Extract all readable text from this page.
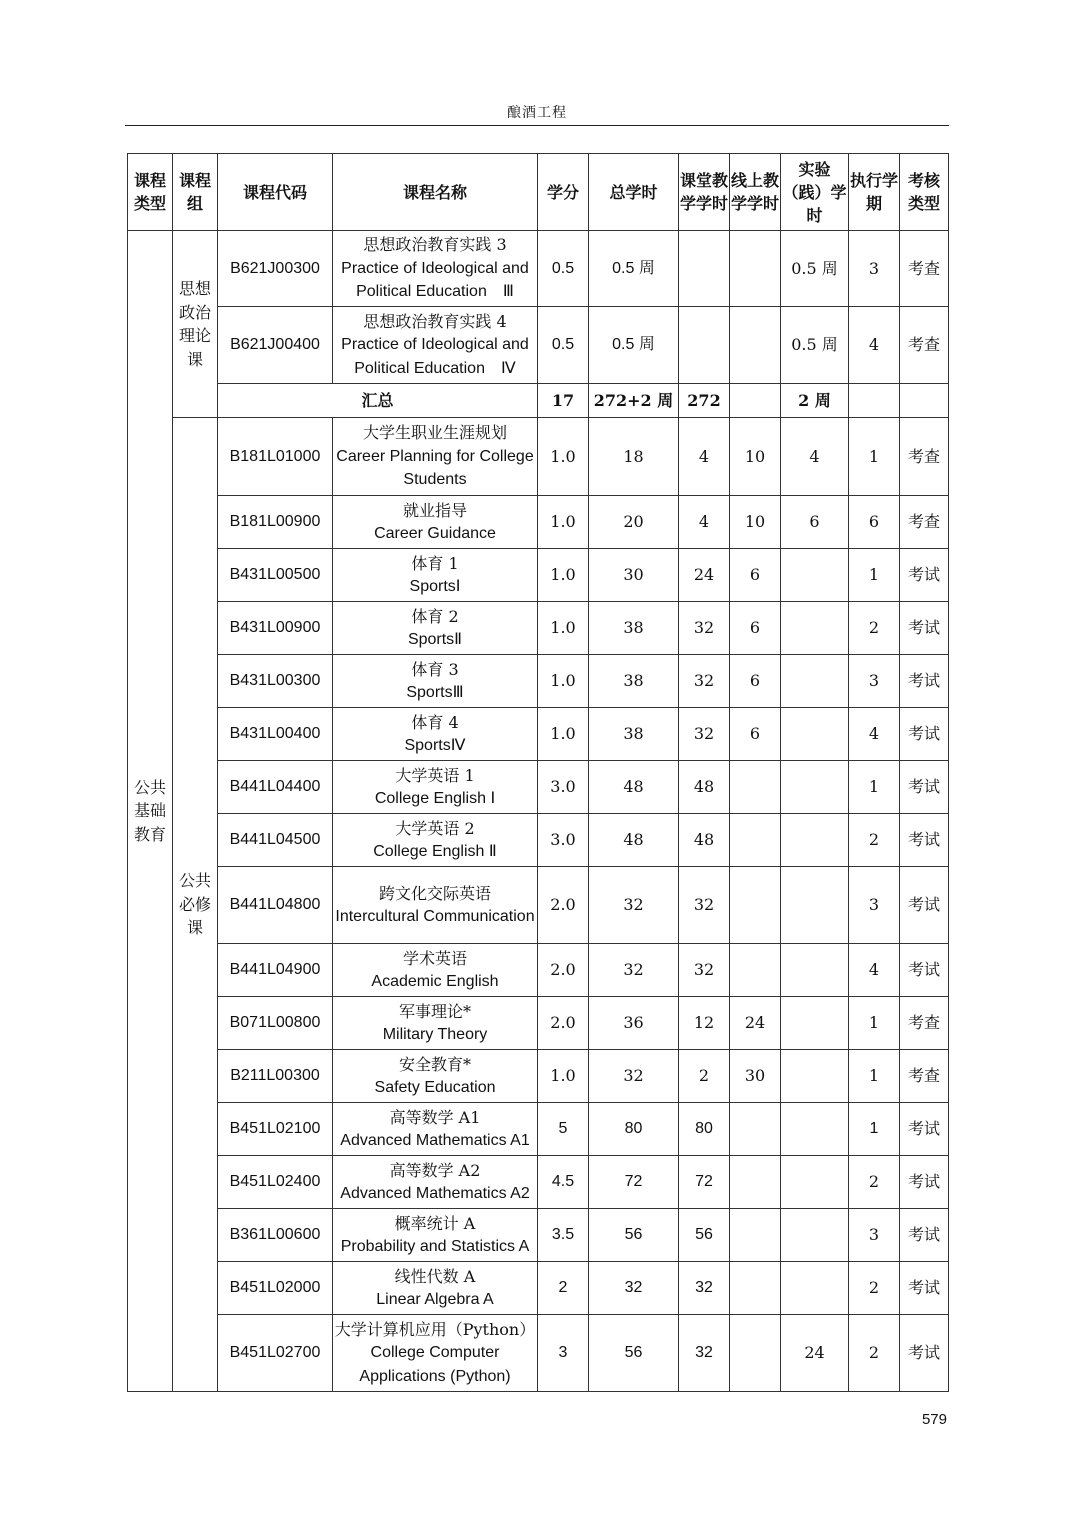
酿酒工程
课程类型	课程组	课程代码	课程名称	学分	总学时	课堂教学学时	线上教学学时	实验（践）学时	执行学期	考核类型
公共基础教育	思想政治理论课	B621J00300	思想政治教育实践 3
Practice of Ideological and Political Education　Ⅲ	0.5	0.5 周			0.5 周	3	考查
		B621J00400	思想政治教育实践 4
Practice of Ideological and Political Education　Ⅳ	0.5	0.5 周			0.5 周	4	考查
		汇总		17	272+2 周	272		2 周		
	公共必修课	B181L01000	大学生职业生涯规划
Career Planning for College Students	1.0	18	4	10	4	1	考查
		B181L00900	就业指导
Career Guidance	1.0	20	4	10	6	6	考查
		B431L00500	体育 1
SportsⅠ	1.0	30	24	6		1	考试
		B431L00900	体育 2
SportsⅡ	1.0	38	32	6		2	考试
		B431L00300	体育 3
SportsⅢ	1.0	38	32	6		3	考试
		B431L00400	体育 4
SportsⅣ	1.0	38	32	6		4	考试
		B441L04400	大学英语 1
College English Ⅰ	3.0	48	48			1	考试
		B441L04500	大学英语 2
College English Ⅱ	3.0	48	48			2	考试
		B441L04800	跨文化交际英语
Intercultural Communication	2.0	32	32			3	考试
		B441L04900	学术英语
Academic English	2.0	32	32			4	考试
		B071L00800	军事理论*
Military Theory	2.0	36	12	24		1	考查
		B211L00300	安全教育*
Safety Education	1.0	32	2	30		1	考查
		B451L02100	高等数学 A1
Advanced Mathematics A1	5	80	80			1	考试
		B451L02400	高等数学 A2
Advanced Mathematics A2	4.5	72	72			2	考试
		B361L00600	概率统计 A
Probability and Statistics A	3.5	56	56			3	考试
		B451L02000	线性代数 A
Linear Algebra A	2	32	32			2	考试
		B451L02700	大学计算机应用（Python）
College Computer Applications (Python)	3	56	32		24	2	考试
579
